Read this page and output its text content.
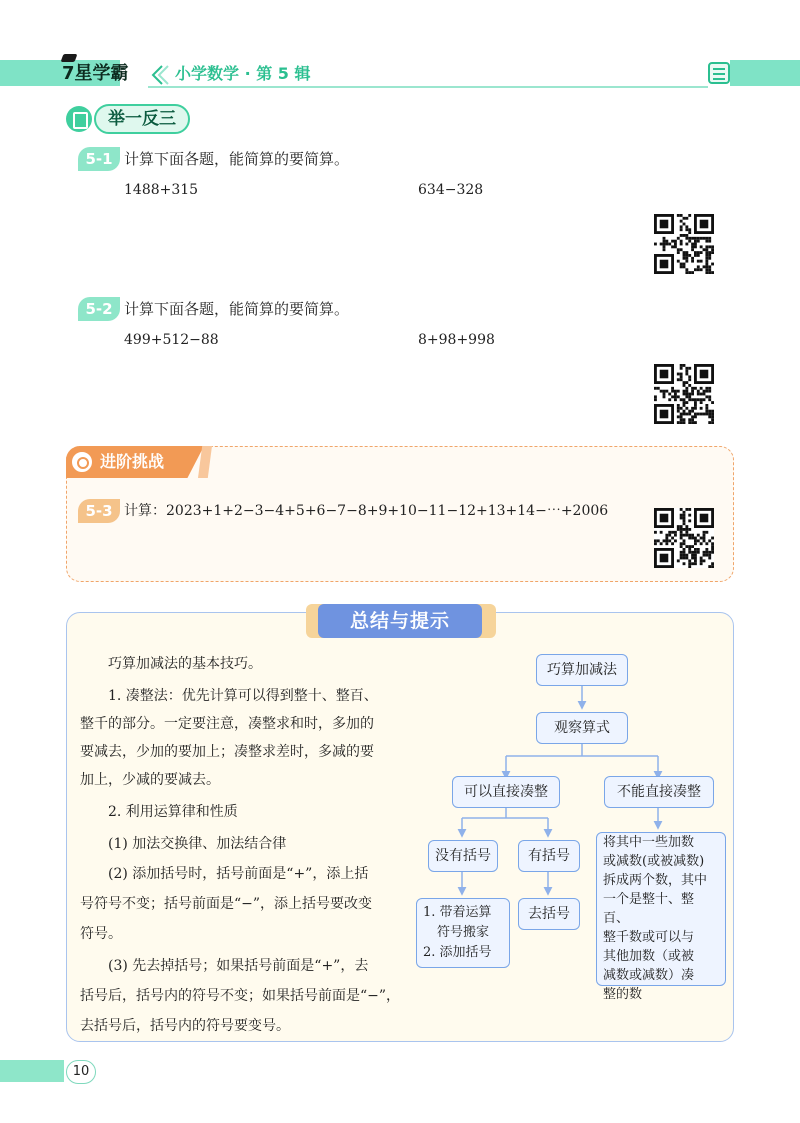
7星学霸	小学数学 · 第 5 辑
举一反三
5-1 计算下面各题，能简算的要简算。
1488+315	634−328
5-2 计算下面各题，能简算的要简算。
499+512−88	8+98+998
进阶挑战
5-3 计算：2023+1+2−3−4+5+6−7−8+9+10−11−12+13+14−⋯+2006
总结与提示
巧算加减法的基本技巧。
1. 凑整法：优先计算可以得到整十、整百、
整千的部分。一定要注意，凑整求和时，多加的
要减去，少加的要加上；凑整求差时，多减的要
加上，少减的要减去。
2. 利用运算律和性质
(1) 加法交换律、加法结合律
(2) 添加括号时，括号前面是“+”，添上括
号符号不变；括号前面是“−”，添上括号要改变
符号。
(3) 先去掉括号；如果括号前面是“+”，去
括号后，括号内的符号不变；如果括号前面是“−”，
去括号后，括号内的符号要变号。
巧算加减法
观察算式
可以直接凑整	不能直接凑整
没有括号	有括号
1. 带着运算
符号搬家
2. 添加括号
去括号
将其中一些加数
或减数(或被减数)
拆成两个数，其中
一个是整十、整百、
整千数或可以与
其他加数（或被
减数或减数）凑
整的数
10
